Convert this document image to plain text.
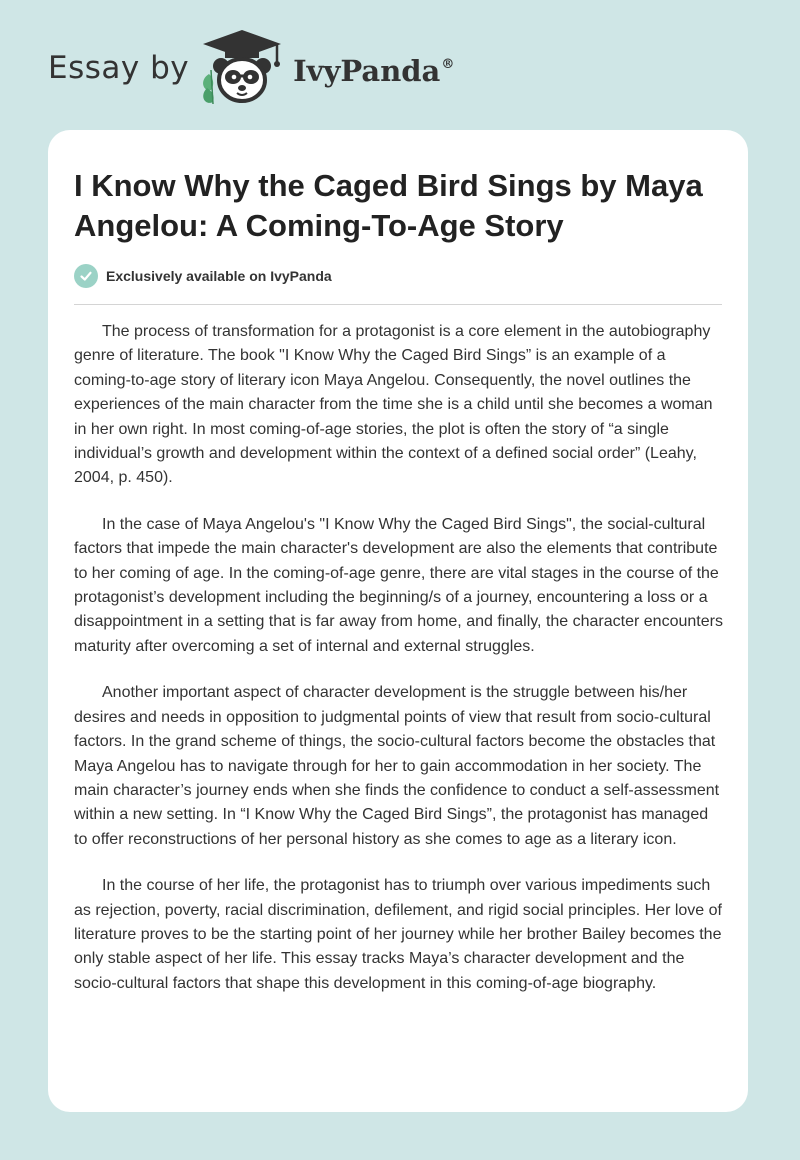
Essay by	IvyPanda®
I Know Why the Caged Bird Sings by Maya Angelou: A Coming-To-Age Story
Exclusively available on IvyPanda

The process of transformation for a protagonist is a core element in the autobiography genre of literature. The book "I Know Why the Caged Bird Sings” is an example of a coming-to-age story of literary icon Maya Angelou. Consequently, the novel outlines the experiences of the main character from the time she is a child until she becomes a woman in her own right. In most coming-of-age stories, the plot is often the story of “a single individual’s growth and development within the context of a defined social order” (Leahy, 2004, p. 450).

In the case of Maya Angelou's "I Know Why the Caged Bird Sings", the social-cultural factors that impede the main character's development are also the elements that contribute to her coming of age. In the coming-of-age genre, there are vital stages in the course of the protagonist’s development including the beginning/s of a journey, encountering a loss or a disappointment in a setting that is far away from home, and finally, the character encounters maturity after overcoming a set of internal and external struggles.

Another important aspect of character development is the struggle between his/her desires and needs in opposition to judgmental points of view that result from socio-cultural factors. In the grand scheme of things, the socio-cultural factors become the obstacles that Maya Angelou has to navigate through for her to gain accommodation in her society. The main character’s journey ends when she finds the confidence to conduct a self-assessment within a new setting. In “I Know Why the Caged Bird Sings”, the protagonist has managed to offer reconstructions of her personal history as she comes to age as a literary icon.

In the course of her life, the protagonist has to triumph over various impediments such as rejection, poverty, racial discrimination, defilement, and rigid social principles. Her love of literature proves to be the starting point of her journey while her brother Bailey becomes the only stable aspect of her life. This essay tracks Maya’s character development and the socio-cultural factors that shape this development in this coming-of-age biography.
